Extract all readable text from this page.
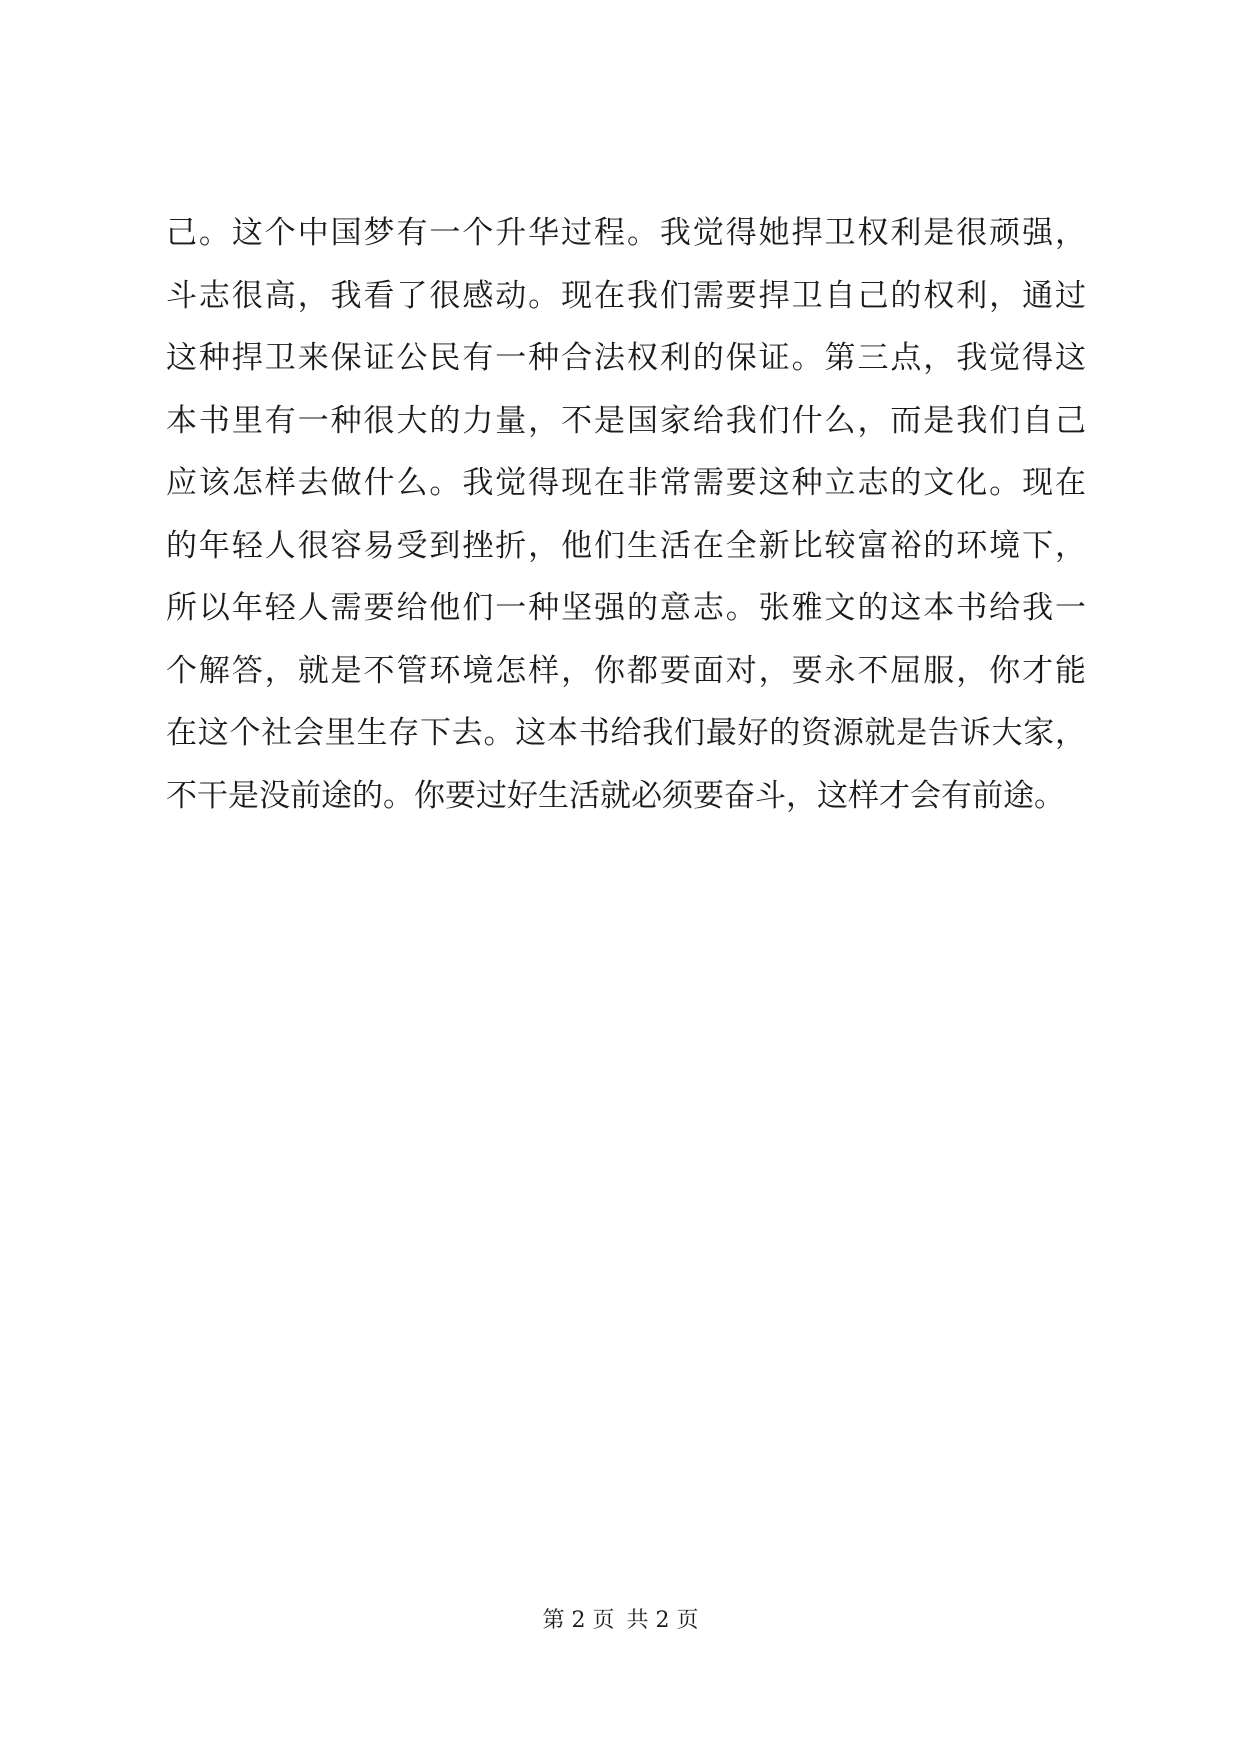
己。这个中国梦有一个升华过程。我觉得她捍卫权利是很顽强，
斗志很高，我看了很感动。现在我们需要捍卫自己的权利，通过
这种捍卫来保证公民有一种合法权利的保证。第三点，我觉得这
本书里有一种很大的力量，不是国家给我们什么，而是我们自己
应该怎样去做什么。我觉得现在非常需要这种立志的文化。现在
的年轻人很容易受到挫折，他们生活在全新比较富裕的环境下，
所以年轻人需要给他们一种坚强的意志。张雅文的这本书给我一
个解答，就是不管环境怎样，你都要面对，要永不屈服，你才能
在这个社会里生存下去。这本书给我们最好的资源就是告诉大家，
不干是没前途的。你要过好生活就必须要奋斗，这样才会有前途。
第 2 页 共 2 页
